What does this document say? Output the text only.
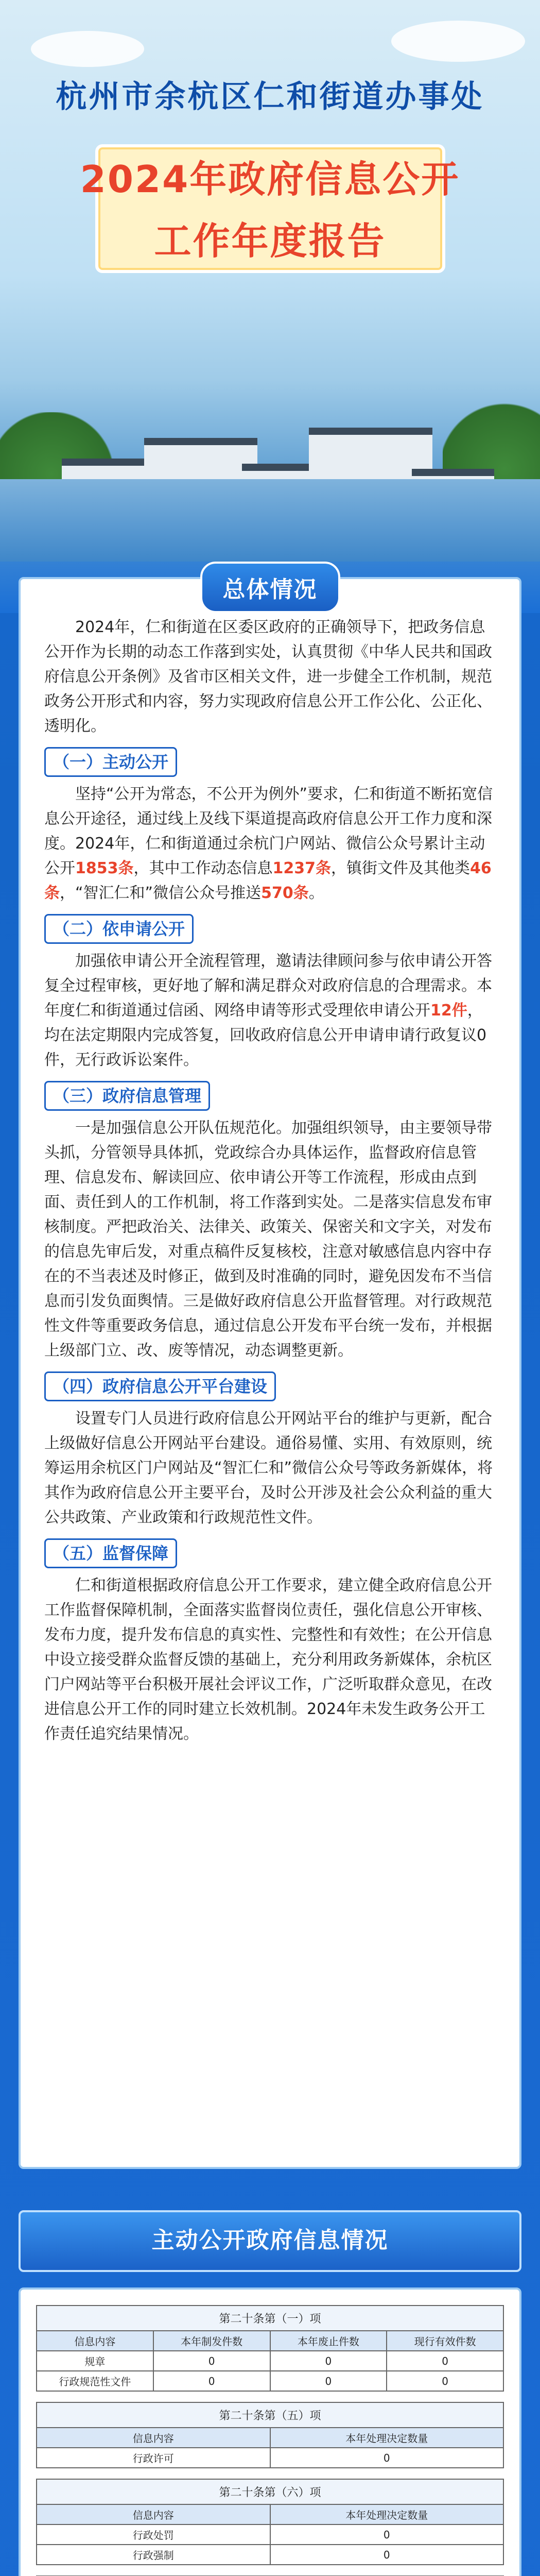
杭州市余杭区仁和街道办事处
2024年政府信息公开
工作年度报告
总体情况

2024年，仁和街道在区委区政府的正确领导下，把政务信息公开作为长期的动态工作落到实处，认真贯彻《中华人民共和国政府信息公开条例》及省市区相关文件，进一步健全工作机制，规范政务公开形式和内容，努力实现政府信息公开工作公化、公正化、透明化。

（一）主动公开

坚持“公开为常态，不公开为例外”要求，仁和街道不断拓宽信息公开途径，通过线上及线下渠道提高政府信息公开工作力度和深度。2024年，仁和街道通过余杭门户网站、微信公众号累计主动公开1853条，其中工作动态信息1237条，镇街文件及其他类46条，“智汇仁和”微信公众号推送570条。

（二）依申请公开

加强依申请公开全流程管理，邀请法律顾问参与依申请公开答复全过程审核，更好地了解和满足群众对政府信息的合理需求。本年度仁和街道通过信函、网络申请等形式受理依申请公开12件，均在法定期限内完成答复，回收政府信息公开申请申请行政复议0件，无行政诉讼案件。

（三）政府信息管理

一是加强信息公开队伍规范化。加强组织领导，由主要领导带头抓，分管领导具体抓，党政综合办具体运作，监督政府信息管理、信息发布、解读回应、依申请公开等工作流程，形成由点到面、责任到人的工作机制，将工作落到实处。二是落实信息发布审核制度。严把政治关、法律关、政策关、保密关和文字关，对发布的信息先审后发，对重点稿件反复核校，注意对敏感信息内容中存在的不当表述及时修正，做到及时准确的同时，避免因发布不当信息而引发负面舆情。三是做好政府信息公开监督管理。对行政规范性文件等重要政务信息，通过信息公开发布平台统一发布，并根据上级部门立、改、废等情况，动态调整更新。

（四）政府信息公开平台建设

设置专门人员进行政府信息公开网站平台的维护与更新，配合上级做好信息公开网站平台建设。通俗易懂、实用、有效原则，统筹运用余杭区门户网站及“智汇仁和”微信公众号等政务新媒体，将其作为政府信息公开主要平台，及时公开涉及社会公众利益的重大公共政策、产业政策和行政规范性文件。

（五）监督保障

仁和街道根据政府信息公开工作要求，建立健全政府信息公开工作监督保障机制，全面落实监督岗位责任，强化信息公开审核、发布力度，提升发布信息的真实性、完整性和有效性；在公开信息中设立接受群众监督反馈的基础上，充分利用政务新媒体，余杭区门户网站等平台积极开展社会评议工作，广泛听取群众意见，在改进信息公开工作的同时建立长效机制。2024年未发生政务公开工作责任追究结果情况。

主动公开政府信息情况
第二十条第（一）项
信息内容	本年制发件数	本年废止件数	现行有效件数
规章	0	0	0
行政规范性文件	0	0	0
第二十条第（五）项
信息内容	本年处理决定数量
行政许可	0
第二十条第（六）项
信息内容	本年处理决定数量
行政处罚	0
行政强制	0
